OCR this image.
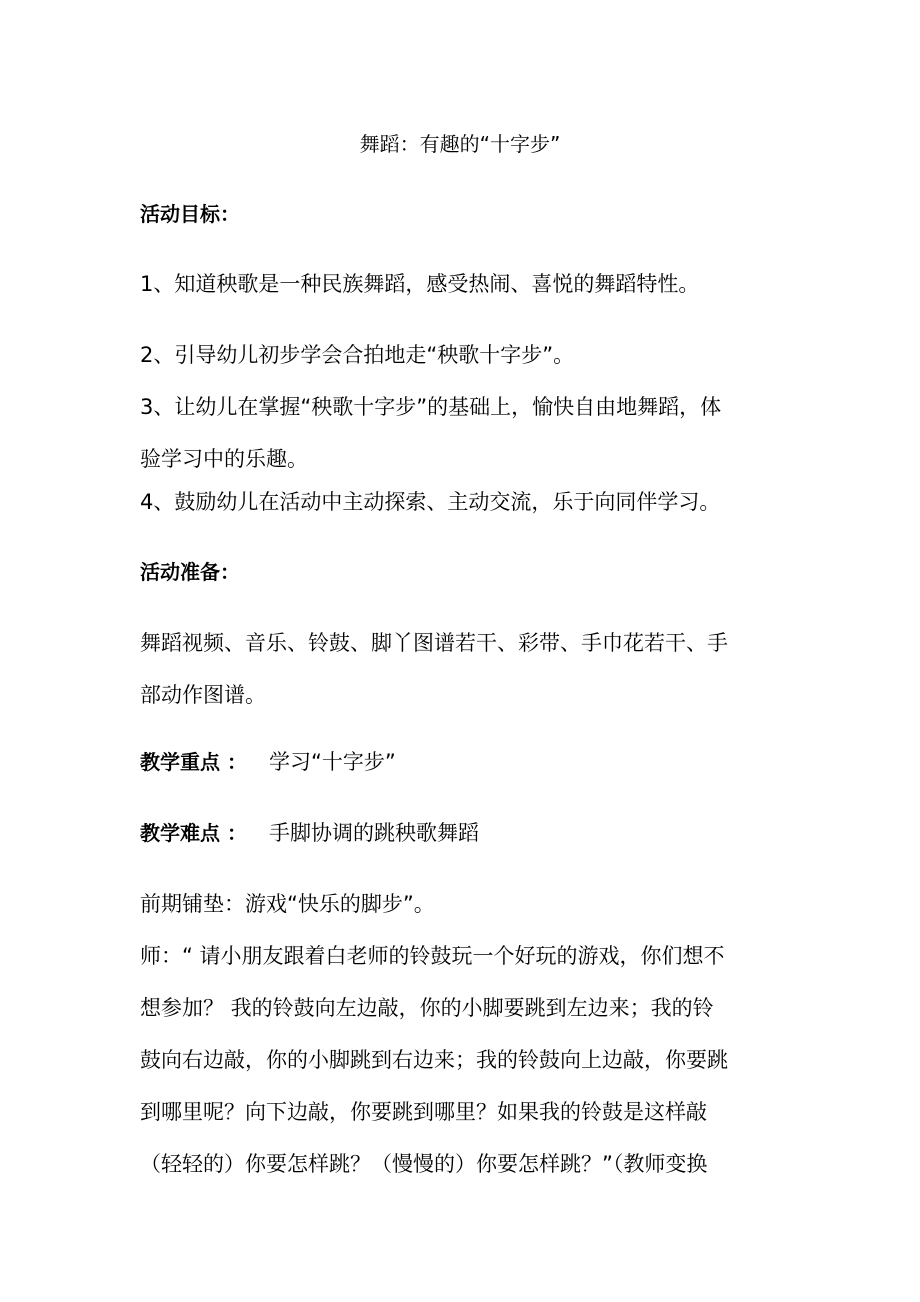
舞蹈：有趣的“十字步”
活动目标：
1、知道秧歌是一种民族舞蹈，感受热闹、喜悦的舞蹈特性。
2、引导幼儿初步学会合拍地走“秧歌十字步”。
3、让幼儿在掌握“秧歌十字步”的基础上，愉快自由地舞蹈，体
验学习中的乐趣。
4、鼓励幼儿在活动中主动探索、主动交流，乐于向同伴学习。
活动准备：
舞蹈视频、音乐、铃鼓、脚丫图谱若干、彩带、手巾花若干、手
部动作图谱。
教学重点 ： 学习“十字步”
教学难点 ： 手脚协调的跳秧歌舞蹈
前期铺垫：游戏“快乐的脚步”。
师：“ 请小朋友跟着白老师的铃鼓玩一个好玩的游戏，你们想不
想参加？ 我的铃鼓向左边敲，你的小脚要跳到左边来；我的铃
鼓向右边敲，你的小脚跳到右边来；我的铃鼓向上边敲，你要跳
到哪里呢？向下边敲，你要跳到哪里？如果我的铃鼓是这样敲
（轻轻的）你要怎样跳？（慢慢的）你要怎样跳？”（教师变换
